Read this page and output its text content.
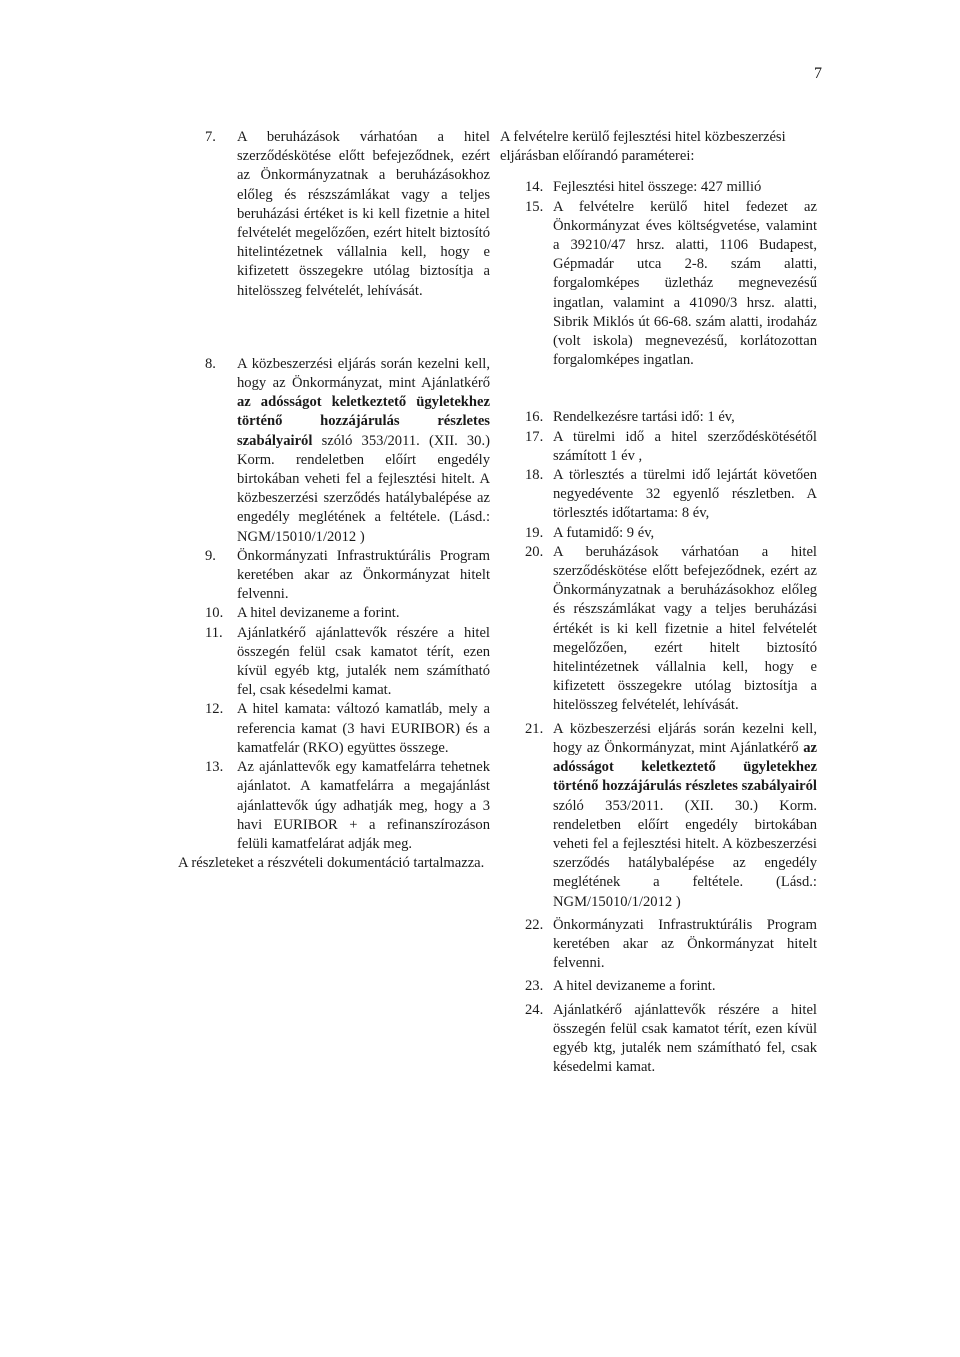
7
7. A beruházások várhatóan a hitel szerződéskötése előtt befejeződnek, ezért az Önkormányzatnak a beruházásokhoz előleg és részszámlákat vagy a teljes beruházási értéket is ki kell fizetnie a hitel felvételét megelőzően, ezért hitelt biztosító hitelintézetnek vállalnia kell, hogy e kifizetett összegekre utólag biztosítja a hitelösszeg felvételét, lehívását.
8. A közbeszerzési eljárás során kezelni kell, hogy az Önkormányzat, mint Ajánlatkérő az adósságot keletkeztető ügyletekhez történő hozzájárulás részletes szabályairól szóló 353/2011. (XII. 30.) Korm. rendeletben előírt engedély birtokában veheti fel a fejlesztési hitelt. A közbeszerzési szerződés hatálybalépése az engedély meglétének a feltétele. (Lásd.: NGM/15010/1/2012 )
9. Önkormányzati Infrastruktúrális Program keretében akar az Önkormányzat hitelt felvenni.
10. A hitel devizaneme a forint.
11. Ajánlatkérő ajánlattevők részére a hitel összegén felül csak kamatot térít, ezen kívül egyéb ktg, jutalék nem számítható fel, csak késedelmi kamat.
12. A hitel kamata: változó kamatláb, mely a referencia kamat (3 havi EURIBOR) és a kamatfelár (RKO) együttes összege.
13. Az ajánlattevők egy kamatfelárra tehetnek ajánlatot. A kamatfelárra a megajánlást ajánlattevők úgy adhatják meg, hogy a 3 havi EURIBOR + a refinanszírozáson felüli kamatfelárat adják meg.
A részleteket a részvételi dokumentáció tartalmazza.
A felvételre kerülő fejlesztési hitel közbeszerzési eljárásban előírandó paraméterei:
14. Fejlesztési hitel összege: 427 millió
15. A felvételre kerülő hitel fedezet az Önkormányzat éves költségvetése, valamint a 39210/47 hrsz. alatti, 1106 Budapest, Gépmadár utca 2-8. szám alatti, forgalomképes üzletház megnevezésű ingatlan, valamint a 41090/3 hrsz. alatti, Sibrik Miklós út 66-68. szám alatti, irodaház (volt iskola) megnevezésű, korlátozottan forgalomképes ingatlan.
16. Rendelkezésre tartási idő: 1 év,
17. A türelmi idő a hitel szerződéskötésétől számított 1 év ,
18. A törlesztés a türelmi idő lejártát követően negyedévente 32 egyenlő részletben. A törlesztés időtartama: 8 év,
19. A futamidő: 9 év,
20. A beruházások várhatóan a hitel szerződéskötése előtt befejeződnek, ezért az Önkormányzatnak a beruházásokhoz előleg és részszámlákat vagy a teljes beruházási értékét is ki kell fizetnie a hitel felvételét megelőzően, ezért hitelt biztosító hitelintézetnek vállalnia kell, hogy e kifizetett összegekre utólag biztosítja a hitelösszeg felvételét, lehívását.
21. A közbeszerzési eljárás során kezelni kell, hogy az Önkormányzat, mint Ajánlatkérő az adósságot keletkeztető ügyletekhez történő hozzájárulás részletes szabályairól szóló 353/2011. (XII. 30.) Korm. rendeletben előírt engedély birtokában veheti fel a fejlesztési hitelt. A közbeszerzési szerződés hatálybalépése az engedély meglétének a feltétele. (Lásd.: NGM/15010/1/2012 )
22. Önkormányzati Infrastruktúrális Program keretében akar az Önkormányzat hitelt felvenni.
23. A hitel devizaneme a forint.
24. Ajánlatkérő ajánlattevők részére a hitel összegén felül csak kamatot térít, ezen kívül egyéb ktg, jutalék nem számítható fel, csak késedelmi kamat.
